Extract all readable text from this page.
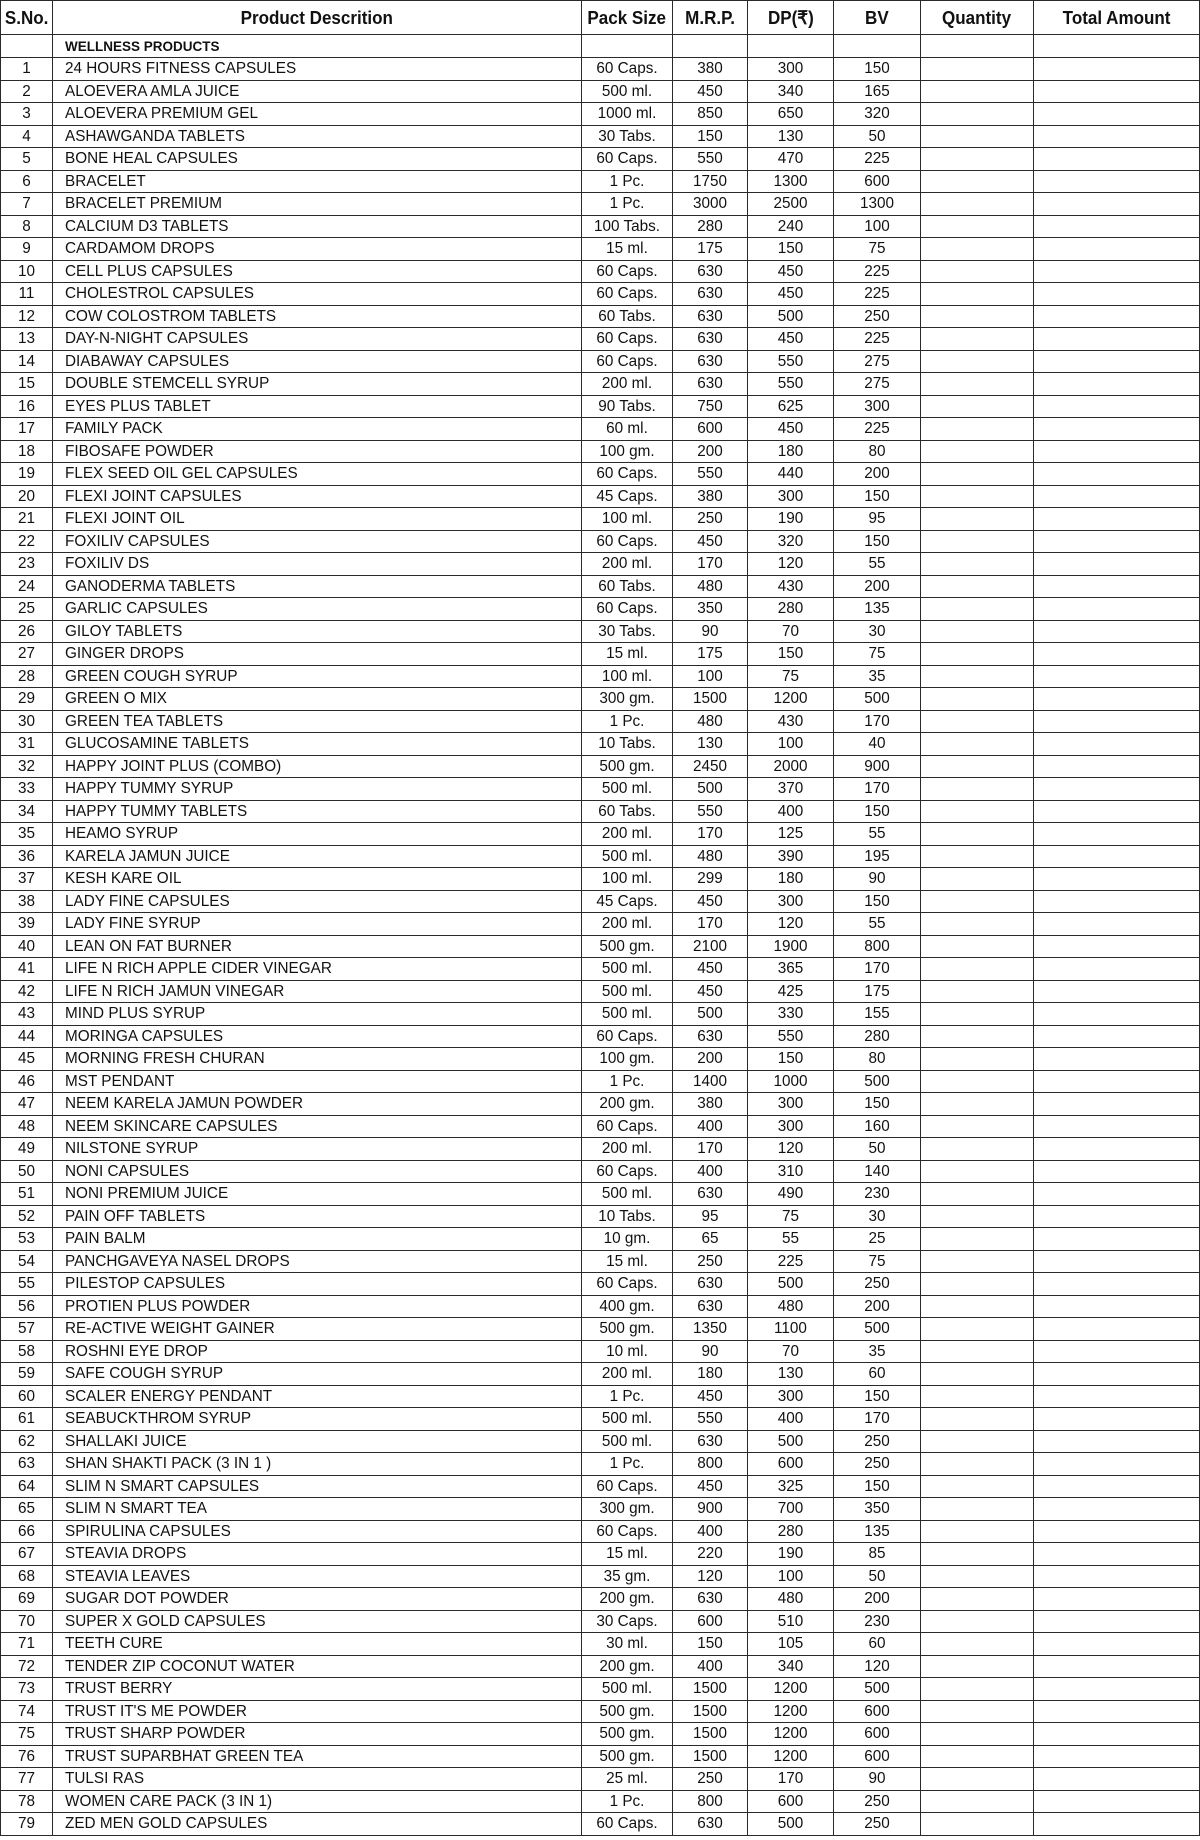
S.No.	Product Descrition	Pack Size	M.R.P.	DP(₹)	BV	Quantity	Total Amount
	WELLNESS PRODUCTS						
1	24 HOURS FITNESS CAPSULES	60 Caps.	380	300	150		
2	ALOEVERA AMLA JUICE	500 ml.	450	340	165		
3	ALOEVERA PREMIUM GEL	1000 ml.	850	650	320		
4	ASHAWGANDA TABLETS	30 Tabs.	150	130	50		
5	BONE HEAL CAPSULES	60 Caps.	550	470	225		
6	BRACELET	1 Pc.	1750	1300	600		
7	BRACELET PREMIUM	1 Pc.	3000	2500	1300		
8	CALCIUM D3 TABLETS	100 Tabs.	280	240	100		
9	CARDAMOM DROPS	15 ml.	175	150	75		
10	CELL PLUS CAPSULES	60 Caps.	630	450	225		
11	CHOLESTROL CAPSULES	60 Caps.	630	450	225		
12	COW COLOSTROM TABLETS	60 Tabs.	630	500	250		
13	DAY-N-NIGHT CAPSULES	60 Caps.	630	450	225		
14	DIABAWAY CAPSULES	60 Caps.	630	550	275		
15	DOUBLE STEMCELL SYRUP	200 ml.	630	550	275		
16	EYES PLUS TABLET	90 Tabs.	750	625	300		
17	FAMILY PACK	60 ml.	600	450	225		
18	FIBOSAFE POWDER	100 gm.	200	180	80		
19	FLEX SEED OIL GEL CAPSULES	60 Caps.	550	440	200		
20	FLEXI JOINT CAPSULES	45 Caps.	380	300	150		
21	FLEXI JOINT OIL	100 ml.	250	190	95		
22	FOXILIV CAPSULES	60 Caps.	450	320	150		
23	FOXILIV DS	200 ml.	170	120	55		
24	GANODERMA TABLETS	60 Tabs.	480	430	200		
25	GARLIC CAPSULES	60 Caps.	350	280	135		
26	GILOY TABLETS	30 Tabs.	90	70	30		
27	GINGER DROPS	15 ml.	175	150	75		
28	GREEN COUGH SYRUP	100 ml.	100	75	35		
29	GREEN O MIX	300 gm.	1500	1200	500		
30	GREEN TEA TABLETS	1 Pc.	480	430	170		
31	GLUCOSAMINE TABLETS	10 Tabs.	130	100	40		
32	HAPPY JOINT PLUS (COMBO)	500 gm.	2450	2000	900		
33	HAPPY TUMMY SYRUP	500 ml.	500	370	170		
34	HAPPY TUMMY TABLETS	60 Tabs.	550	400	150		
35	HEAMO SYRUP	200 ml.	170	125	55		
36	KARELA JAMUN JUICE	500 ml.	480	390	195		
37	KESH KARE OIL	100 ml.	299	180	90		
38	LADY FINE CAPSULES	45 Caps.	450	300	150		
39	LADY FINE SYRUP	200 ml.	170	120	55		
40	LEAN ON FAT BURNER	500 gm.	2100	1900	800		
41	LIFE N RICH APPLE CIDER VINEGAR	500 ml.	450	365	170		
42	LIFE N RICH JAMUN VINEGAR	500 ml.	450	425	175		
43	MIND PLUS SYRUP	500 ml.	500	330	155		
44	MORINGA CAPSULES	60 Caps.	630	550	280		
45	MORNING FRESH CHURAN	100 gm.	200	150	80		
46	MST PENDANT	1 Pc.	1400	1000	500		
47	NEEM KARELA JAMUN POWDER	200 gm.	380	300	150		
48	NEEM SKINCARE CAPSULES	60 Caps.	400	300	160		
49	NILSTONE SYRUP	200 ml.	170	120	50		
50	NONI CAPSULES	60 Caps.	400	310	140		
51	NONI PREMIUM JUICE	500 ml.	630	490	230		
52	PAIN OFF TABLETS	10 Tabs.	95	75	30		
53	PAIN BALM	10 gm.	65	55	25		
54	PANCHGAVEYA NASEL DROPS	15 ml.	250	225	75		
55	PILESTOP CAPSULES	60 Caps.	630	500	250		
56	PROTIEN PLUS POWDER	400 gm.	630	480	200		
57	RE-ACTIVE WEIGHT GAINER	500 gm.	1350	1100	500		
58	ROSHNI EYE DROP	10 ml.	90	70	35		
59	SAFE COUGH SYRUP	200 ml.	180	130	60		
60	SCALER ENERGY PENDANT	1 Pc.	450	300	150		
61	SEABUCKTHROM SYRUP	500 ml.	550	400	170		
62	SHALLAKI JUICE	500 ml.	630	500	250		
63	SHAN SHAKTI PACK (3 IN 1 )	1 Pc.	800	600	250		
64	SLIM N SMART CAPSULES	60 Caps.	450	325	150		
65	SLIM N SMART TEA	300 gm.	900	700	350		
66	SPIRULINA CAPSULES	60 Caps.	400	280	135		
67	STEAVIA DROPS	15 ml.	220	190	85		
68	STEAVIA LEAVES	35 gm.	120	100	50		
69	SUGAR DOT POWDER	200 gm.	630	480	200		
70	SUPER X GOLD CAPSULES	30 Caps.	600	510	230		
71	TEETH CURE	30 ml.	150	105	60		
72	TENDER ZIP COCONUT WATER	200 gm.	400	340	120		
73	TRUST BERRY	500 ml.	1500	1200	500		
74	TRUST IT'S ME POWDER	500 gm.	1500	1200	600		
75	TRUST SHARP POWDER	500 gm.	1500	1200	600		
76	TRUST SUPARBHAT GREEN TEA	500 gm.	1500	1200	600		
77	TULSI RAS	25 ml.	250	170	90		
78	WOMEN CARE PACK (3 IN 1)	1 Pc.	800	600	250		
79	ZED MEN GOLD CAPSULES	60 Caps.	630	500	250		
